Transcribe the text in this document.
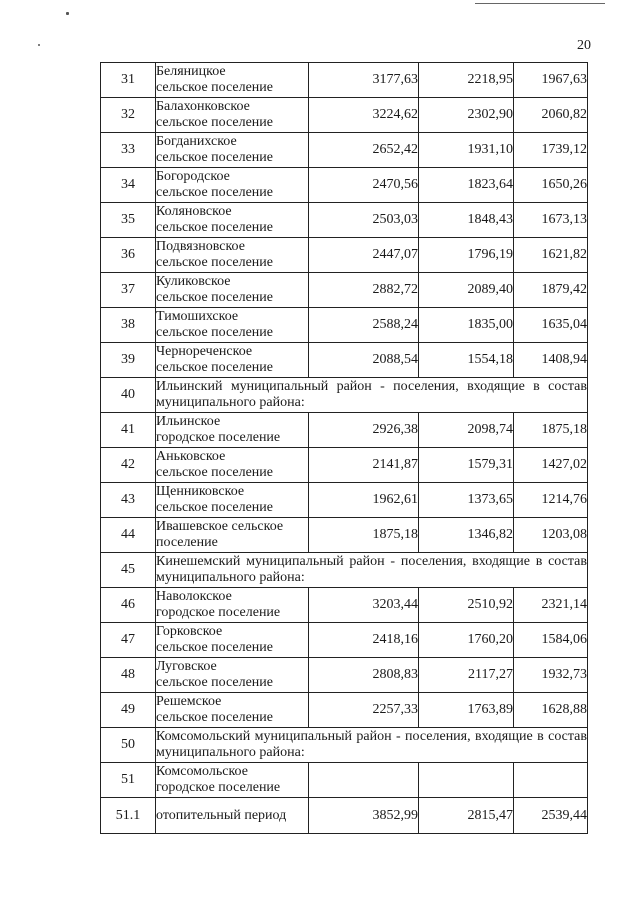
20
31	Беляницкое
сельское поселение	3177,63	2218,95	1967,63
32	Балахонковское
сельское поселение	3224,62	2302,90	2060,82
33	Богданихское
сельское поселение	2652,42	1931,10	1739,12
34	Богородское
сельское поселение	2470,56	1823,64	1650,26
35	Коляновское
сельское поселение	2503,03	1848,43	1673,13
36	Подвязновское
сельское поселение	2447,07	1796,19	1621,82
37	Куликовское
сельское поселение	2882,72	2089,40	1879,42
38	Тимошихское
сельское поселение	2588,24	1835,00	1635,04
39	Чернореченское
сельское поселение	2088,54	1554,18	1408,94
40	Ильинский муниципальный район - поселения, входящие в состав муниципального района:			
41	Ильинское
городское поселение	2926,38	2098,74	1875,18
42	Аньковское
сельское поселение	2141,87	1579,31	1427,02
43	Щенниковское
сельское поселение	1962,61	1373,65	1214,76
44	Ивашевское сельское
поселение	1875,18	1346,82	1203,08
45	Кинешемский муниципальный район - поселения, входящие в состав муниципального района:			
46	Наволокское
городское поселение	3203,44	2510,92	2321,14
47	Горковское
сельское поселение	2418,16	1760,20	1584,06
48	Луговское
сельское поселение	2808,83	2117,27	1932,73
49	Решемское
сельское поселение	2257,33	1763,89	1628,88
50	Комсомольский муниципальный район - поселения, входящие в состав муниципального района:			
51	Комсомольское
городское поселение			

51.1	отопительный период	3852,99	2815,47	2539,44
